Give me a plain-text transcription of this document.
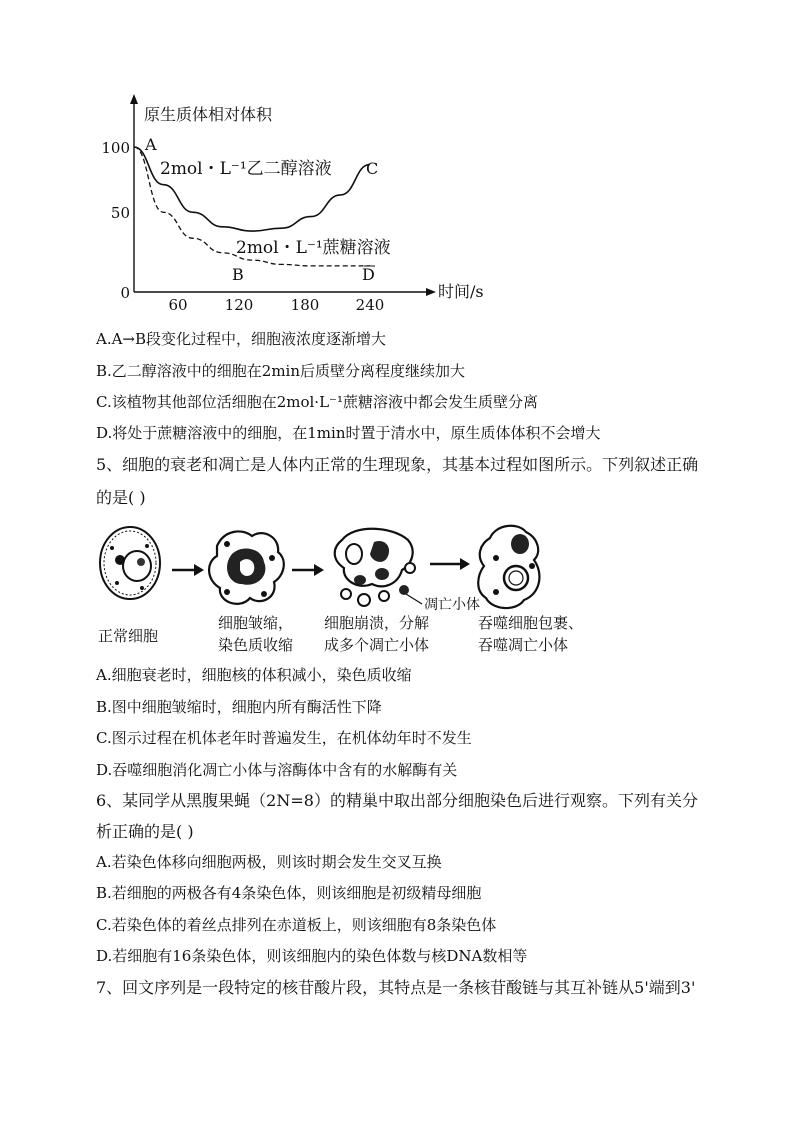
原生质体相对体积
时间/s
100
50
0
60 120 180 240
A
B
C
D
2mol・L⁻¹乙二醇溶液
2mol・L⁻¹蔗糖溶液
A.A→B段变化过程中，细胞液浓度逐渐增大
B.乙二醇溶液中的细胞在2min后质壁分离程度继续加大
C.该植物其他部位活细胞在2mol·L⁻¹蔗糖溶液中都会发生质壁分离
D.将处于蔗糖溶液中的细胞，在1min时置于清水中，原生质体体积不会增大
5、细胞的衰老和凋亡是人体内正常的生理现象，其基本过程如图所示。下列叙述正确
的是( )
凋亡小体
正常细胞
细胞皱缩，
染色质收缩
细胞崩溃，分解
成多个凋亡小体
吞噬细胞包裹、
吞噬凋亡小体
A.细胞衰老时，细胞核的体积减小，染色质收缩
B.图中细胞皱缩时，细胞内所有酶活性下降
C.图示过程在机体老年时普遍发生，在机体幼年时不发生
D.吞噬细胞消化凋亡小体与溶酶体中含有的水解酶有关
6、某同学从黑腹果蝇（2N=8）的精巢中取出部分细胞染色后进行观察。下列有关分
析正确的是( )
A.若染色体移向细胞两极，则该时期会发生交叉互换
B.若细胞的两极各有4条染色体，则该细胞是初级精母细胞
C.若染色体的着丝点排列在赤道板上，则该细胞有8条染色体
D.若细胞有16条染色体，则该细胞内的染色体数与核DNA数相等
7、回文序列是一段特定的核苷酸片段，其特点是一条核苷酸链与其互补链从5'端到3'
